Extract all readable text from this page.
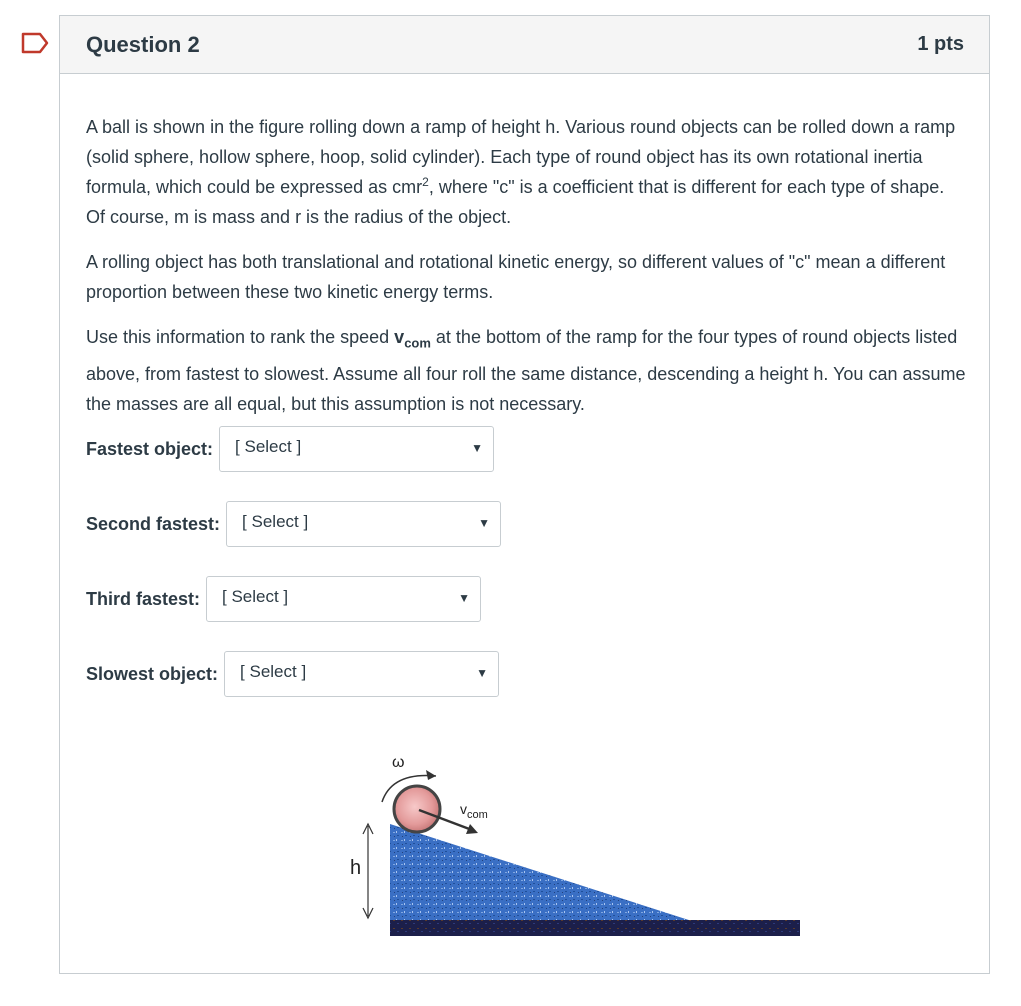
Question 2	1 pts

A ball is shown in the figure rolling down a ramp of height h. Various round objects can be rolled down a ramp (solid sphere, hollow sphere, hoop, solid cylinder). Each type of round object has its own rotational inertia formula, which could be expressed as cmr$^2$, where "c" is a coefficient that is different for each type of shape. Of course, m is mass and r is the radius of the object.

A rolling object has both translational and rotational kinetic energy, so different values of "c" mean a different proportion between these two kinetic energy terms.

Use this information to rank the speed $v_{com}$ at the bottom of the ramp for the four types of round objects listed above, from fastest to slowest. Assume all four roll the same distance, descending a height h. You can assume the masses are all equal, but this assumption is not necessary.

Fastest object:	[ Select ]	▼
Second fastest:	[ Select ]	▼
Third fastest:	[ Select ]	▼
Slowest object:	[ Select ]	▼
h
ω
$v_{com}$
